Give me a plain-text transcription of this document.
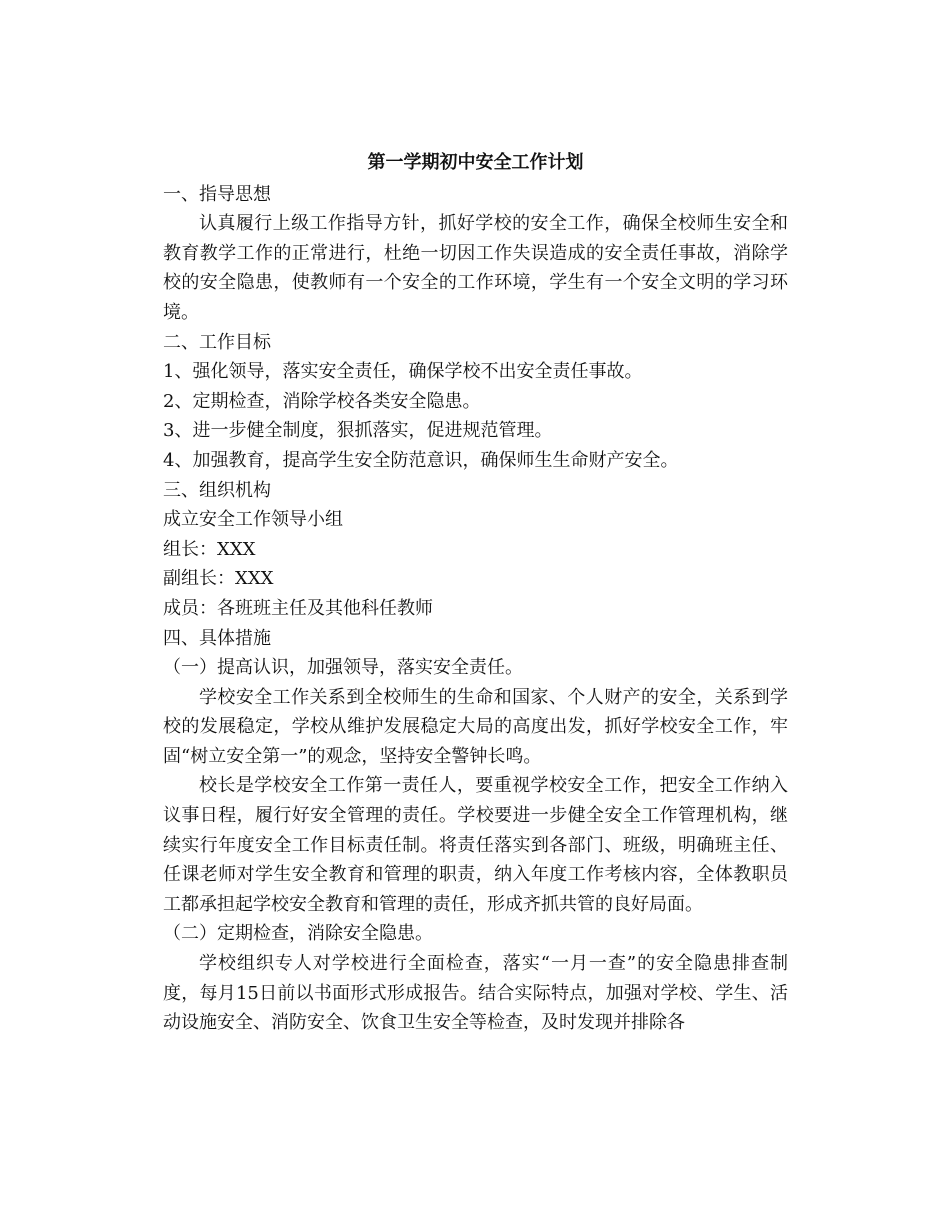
第一学期初中安全工作计划

一、指导思想

认真履行上级工作指导方针，抓好学校的安全工作，确保全校师生安全和教育教学工作的正常进行，杜绝一切因工作失误造成的安全责任事故，消除学校的安全隐患，使教师有一个安全的工作环境，学生有一个安全文明的学习环境。

二、工作目标

1、强化领导，落实安全责任，确保学校不出安全责任事故。

2、定期检查，消除学校各类安全隐患。

3、进一步健全制度，狠抓落实，促进规范管理。

4、加强教育，提高学生安全防范意识，确保师生生命财产安全。

三、组织机构

成立安全工作领导小组

组长：XXX

副组长：XXX

成员：各班班主任及其他科任教师

四、具体措施

（一）提高认识，加强领导，落实安全责任。

学校安全工作关系到全校师生的生命和国家、个人财产的安全，关系到学校的发展稳定，学校从维护发展稳定大局的高度出发，抓好学校安全工作，牢固“树立安全第一”的观念，坚持安全警钟长鸣。

校长是学校安全工作第一责任人，要重视学校安全工作，把安全工作纳入议事日程，履行好安全管理的责任。学校要进一步健全安全工作管理机构，继续实行年度安全工作目标责任制。将责任落实到各部门、班级，明确班主任、任课老师对学生安全教育和管理的职责，纳入年度工作考核内容，全体教职员工都承担起学校安全教育和管理的责任，形成齐抓共管的良好局面。

（二）定期检查，消除安全隐患。

学校组织专人对学校进行全面检查，落实“一月一查”的安全隐患排查制度，每月15日前以书面形式形成报告。结合实际特点，加强对学校、学生、活动设施安全、消防安全、饮食卫生安全等检查，及时发现并排除各
